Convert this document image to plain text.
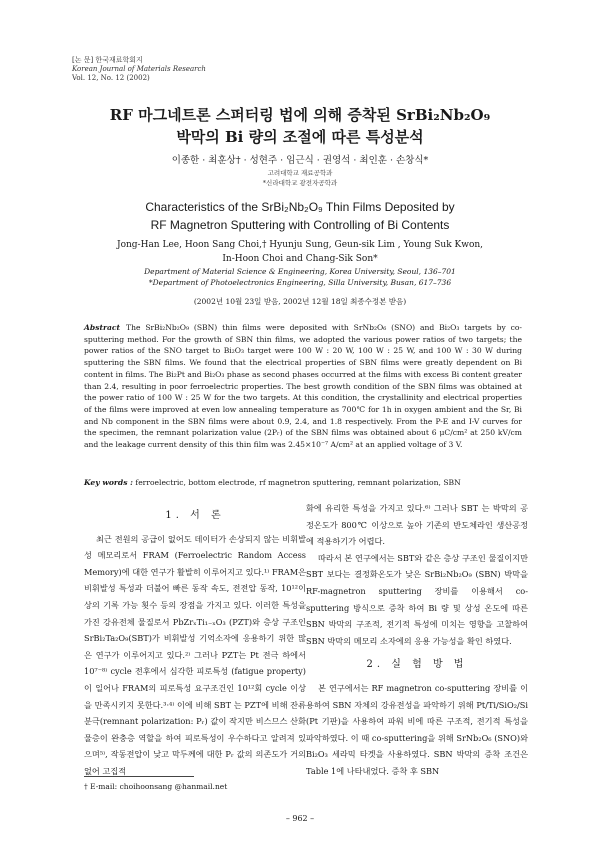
[논 문] 한국재료학회지
Korean Journal of Materials Research
Vol. 12, No. 12 (2002)
RF 마그네트론 스퍼터링 법에 의해 증착된 SrBi₂Nb₂O₉
박막의 Bi 량의 조절에 따른 특성분석
이종한 · 최훈상† · 성현주 · 임근식 · 권영석 · 최인훈 · 손창식*
고려대학교 재료공학과
*신라대학교 광전자공학과
Characteristics of the SrBi₂Nb₂O₉ Thin Films Deposited by
RF Magnetron Sputtering with Controlling of Bi Contents
Jong-Han Lee, Hoon Sang Choi,† Hyunju Sung, Geun-sik Lim , Young Suk Kwon,
In-Hoon Choi and Chang-Sik Son*
Department of Material Science & Engineering, Korea University, Seoul, 136–701
*Department of Photoelectronics Engineering, Silla University, Busan, 617–736
(2002년 10월 23일 받음, 2002년 12월 18일 최종수정본 받음)
Abstract The SrBi₂Nb₂O₉ (SBN) thin films were deposited with SrNb₂O₆ (SNO) and Bi₂O₃ targets by co-sputtering method. For the growth of SBN thin films, we adopted the various power ratios of two targets; the power ratios of the SNO target to Bi₂O₃ target were 100 W : 20 W, 100 W : 25 W, and 100 W : 30 W during sputtering the SBN films. We found that the electrical properties of SBN films were greatly dependent on Bi content in films. The Bi₂Pt and Bi₂O₃ phase as second phases occurred at the films with excess Bi content greater than 2.4, resulting in poor ferroelectric properties. The best growth condition of the SBN films was obtained at the power ratio of 100 W : 25 W for the two targets. At this condition, the crystallinity and electrical properties of the films were improved at even low annealing temperature as 700℃ for 1h in oxygen ambient and the Sr, Bi and Nb component in the SBN films were about 0.9, 2.4, and 1.8 respectively. From the P-E and I-V curves for the specimen, the remnant polarization value (2Pᵣ) of the SBN films was obtained about 6 μC/cm² at 250 kV/cm and the leakage current density of this thin film was 2.45×10⁻⁷ A/cm² at an applied voltage of 3 V.
Key words : ferroelectric, bottom electrode, rf magnetron sputtering, remnant polarization, SBN
1. 서 론

최근 전원의 공급이 없어도 데이터가 손상되지 않는 비휘발성 메모리로서 FRAM (Ferroelectric Random Access Memory)에 대한 연구가 활발히 이루어지고 있다.¹⁾ FRAM은 비휘발성 특성과 더불어 빠른 동작 속도, 전전압 동작, 10¹²이상의 기록 가능 횟수 등의 장점을 가지고 있다. 이러한 특성을 가진 강유전체 물질로서 PbZrₓTi₁₋ₓO₃ (PZT)와 층상 구조인 SrBi₂Ta₂O₉(SBT)가 비휘발성 기억소자에 응용하기 위한 많은 연구가 이루어지고 있다.²⁾ 그러나 PZT는 Pt 전극 하에서 10⁷⁻⁸⁾ cycle 전후에서 심각한 피로특성 (fatigue property) 이 일어나 FRAM의 피로특성 요구조건인 10¹²회 cycle 이상을 만족시키지 못한다.³·⁴⁾ 이에 비해 SBT 는 PZT에 비해 잔류 분극(remnant polarization: Pᵣ) 값이 작지만 비스므스 산화물층이 완충층 역할을 하여 피로특성이 우수하다고 알려져 있으며⁵⁾, 작동전압이 낮고 막두께에 대한 Pᵣ 값의 의존도가 거의 없어 고집적

화에 유리한 특성을 가지고 있다.⁶⁾ 그러나 SBT 는 박막의 공정온도가 800℃ 이상으로 높아 기존의 반도체라인 생산공정에 적용하기가 어렵다.

따라서 본 연구에서는 SBT와 같은 층상 구조인 물질이지만 SBT 보다는 결정화온도가 낮은 SrBi₂Nb₂O₉ (SBN) 박막을 RF-magnetron sputtering 장비를 이용해서 co-sputtering 방식으로 증착 하여 Bi 량 및 상성 온도에 따른 SBN 박막의 구조적, 전기적 특성에 미치는 영향을 고찰하여 SBN 박막의 메모리 소자에의 응용 가능성을 확인 하였다.

2. 실 험 방 법

본 연구에서는 RF magnetron co-sputtering 장비를 이용하여 SBN 자체의 강유전성을 파악하기 위해 Pt/Ti/SiO₂/Si (Pt 기판)을 사용하여 파워 비에 따른 구조적, 전기적 특성을 파악하였다. 이 때 co-sputtering을 위해 SrNb₂O₆ (SNO)와 Bi₂O₃ 세라믹 타겟을 사용하였다. SBN 박막의 증착 조건은 Table 1에 나타내었다. 증착 후 SBN

† E-mail: choihoonsang @hanmail.net
– 962 –
